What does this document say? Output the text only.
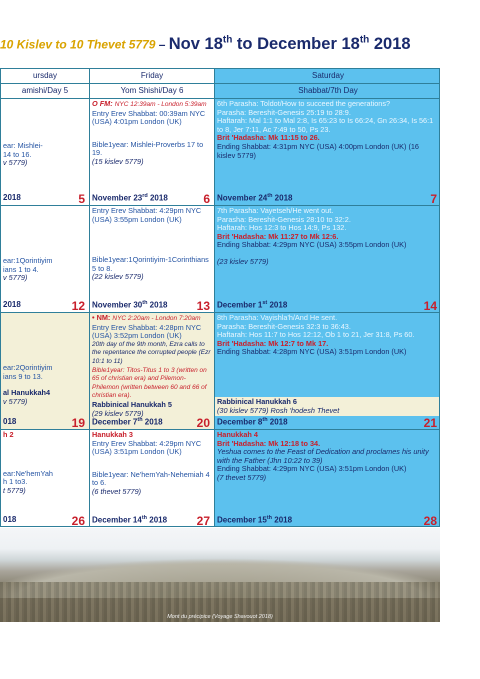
10 Kislev to 10 Thevet 5779 – Nov 18th to December 18th 2018
ursday
amishi/Day 5
Friday
Yom Shishi/Day 6
Saturday
Shabbat/7th Day
ear: Mishlei-
14 to 16.
v 5779)
2018	5
O FM: NYC 12:39am - London 5:39am
Entry Erev Shabbat: 00:39am NYC (USA) 4:01pm London (UK)
Bible1year: Mishlei-Proverbs 17 to 19.
(15 kislev 5779)
November 23rd 2018	6
6th Parasha: Toldot/How to succeed the generations?
Parasha: Bereshit-Genesis 25:19 to 28:9.
Haftarah: Mal 1:1 to Mal 2:8, Is 65:23 to Is 66:24, Gn 26:34, Is 56:1 to 8, Jer 7:11, Ac 7:49 to 50, Ps 23.
Brit 'Hadasha: Mk 11:15 to 26.
Ending Shabbat: 4:31pm NYC (USA) 4:00pm London (UK) (16 kislev 5779)
November 24th 2018	7
ear:1Qorintiyim
ians 1 to 4.
v 5779)
2018	12
Entry Erev Shabbat: 4:29pm NYC (USA) 3:55pm London (UK)
Bible1year:1Qorintiyim-1Corinthians 5 to 8.
(22 kislev 5779)
November 30th 2018 13
7th Parasha: Vayetseh/He went out.
Parasha: Bereshit-Genesis 28:10 to 32:2.
Haftarah: Hos 12:3 to Hos 14:9, Ps 132.
Brit 'Hadasha: Mk 11:27 to Mk 12:6.
Ending Shabbat: 4:29pm NYC (USA) 3:55pm London (UK)
(23 kislev 5779)
December 1st 2018	14
ear:2Qorintiyim
ians 9 to 13.
al Hanukkah4
v 5779)
018	19
• NM: NYC 2:20am - London 7:20am
Entry Erev Shabbat: 4:28pm NYC (USA) 3:52pm London (UK)
20th day of the 9th month, Ezra calls to the repentance the corrupted people (Ezr 10:1 to 11)
Bible1year: Titos-Titus 1 to 3 (written on 65 of christian era) and Pilemon-Philemon (written between 60 and 66 of christian era).
Rabbinical Hanukkah 5
(29 kislev 5779)
December 7th 2018	20
8th Parasha: Vayishla'h/And He sent.
Parasha: Bereshit-Genesis 32:3 to 36:43.
Haftarah: Hos 11:7 to Hos 12:12, Ob 1 to 21, Jer 31:8, Ps 60.
Brit 'Hadasha: Mk 12:7 to Mk 17.
Ending Shabbat: 4:28pm NYC (USA) 3:51pm London (UK)
Rabbinical Hanukkah 6
(30 kislev 5779) Rosh 'hodesh Thevet
December 8th 2018	21
h 2
ear:Ne'hemYah
h 1 to3.
t 5779)
018	26
Hanukkah 3
Entry Erev Shabbat: 4:29pm NYC (USA) 3:51pm London (UK)
Bible1year: Ne'hemYah-Nehemiah 4 to 6.
(6 thevet 5779)
December 14th 2018 27
Hanukkah 4
Brit 'Hadasha: Mk 12:18 to 34.
Yeshua comes to the Feast of Dedication and proclames his unity with the Father (Jhn 10:22 to 39)
Ending Shabbat: 4:29pm NYC (USA) 3:51pm London (UK)
(7 thevet 5779)
December 15th 2018	28
Mont du précipice (Voyage Shavouot 2018)
